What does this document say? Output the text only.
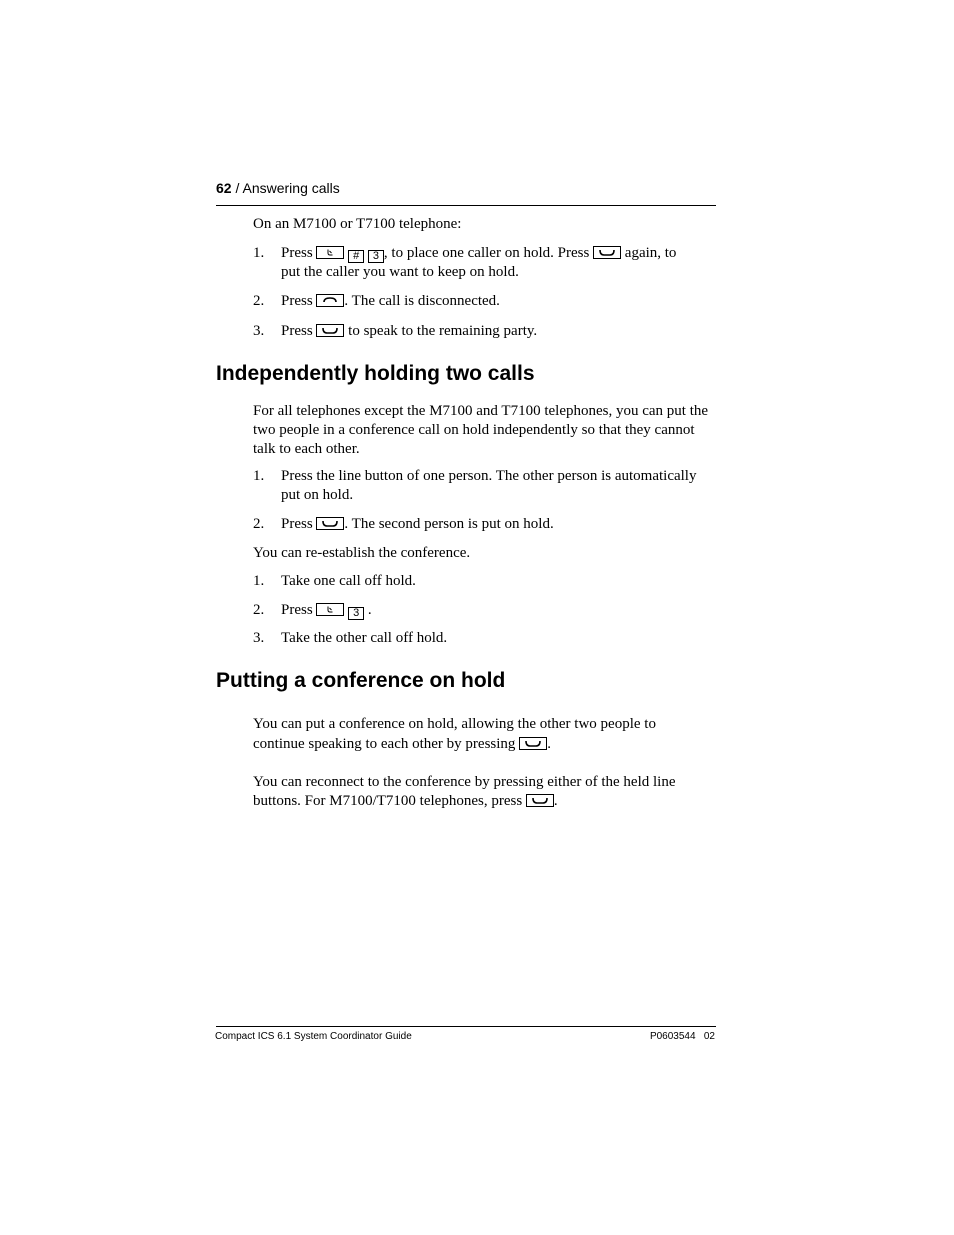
62 / Answering calls
On an M7100 or T7100 telephone:
1.	Press	# 3 , to place one caller on hold. Press again, to
put the caller you want to keep on hold.
2.	Press . The call is disconnected.
3.	Press to speak to the remaining party.
Independently holding two calls
For all telephones except the M7100 and T7100 telephones, you can put the
two people in a conference call on hold independently so that they cannot
talk to each other.
1.	Press the line button of one person. The other person is automatically
put on hold.
2.	Press . The second person is put on hold.
You can re-establish the conference.
1.	Take one call off hold.
2.	Press	3 .
3.	Take the other call off hold.
Putting a conference on hold
You can put a conference on hold, allowing the other two people to
continue speaking to each other by pressing .
You can reconnect to the conference by pressing either of the held line
buttons. For M7100/T7100 telephones, press .
Compact ICS 6.1 System Coordinator Guide	P0603544   02
